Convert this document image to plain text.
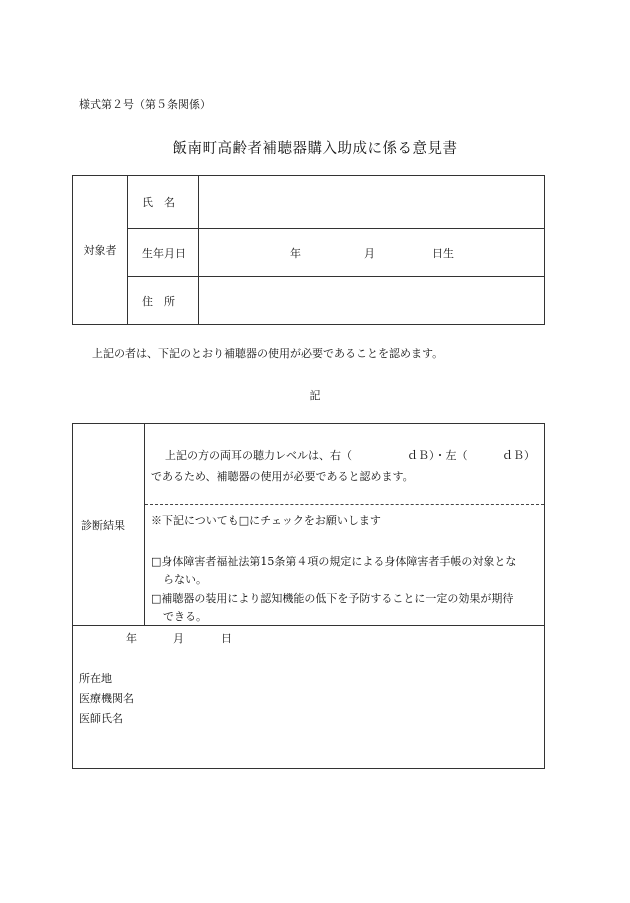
様式第２号（第５条関係）
飯南町高齢者補聴器購入助成に係る意見書
対象者	氏　名	
	生年月日	年 月 日生

	住　所	
上記の者は、下記のとおり補聴器の使用が必要であることを認めます。
記
診断結果	
上記の方の両耳の聴力レベルは、右（	ｄＢ）・左（	ｄＢ）
であるため、補聴器の使用が必要であると認めます。
※下記についても□にチェックをお願いします
□身体障害者福祉法第15条第４項の規定による身体障害者手帳の対象とな
らない。
□補聴器の装用により認知機能の低下を予防することに一定の効果が期待
できる。

年	月	日
所在地
医療機関名
医師氏名
